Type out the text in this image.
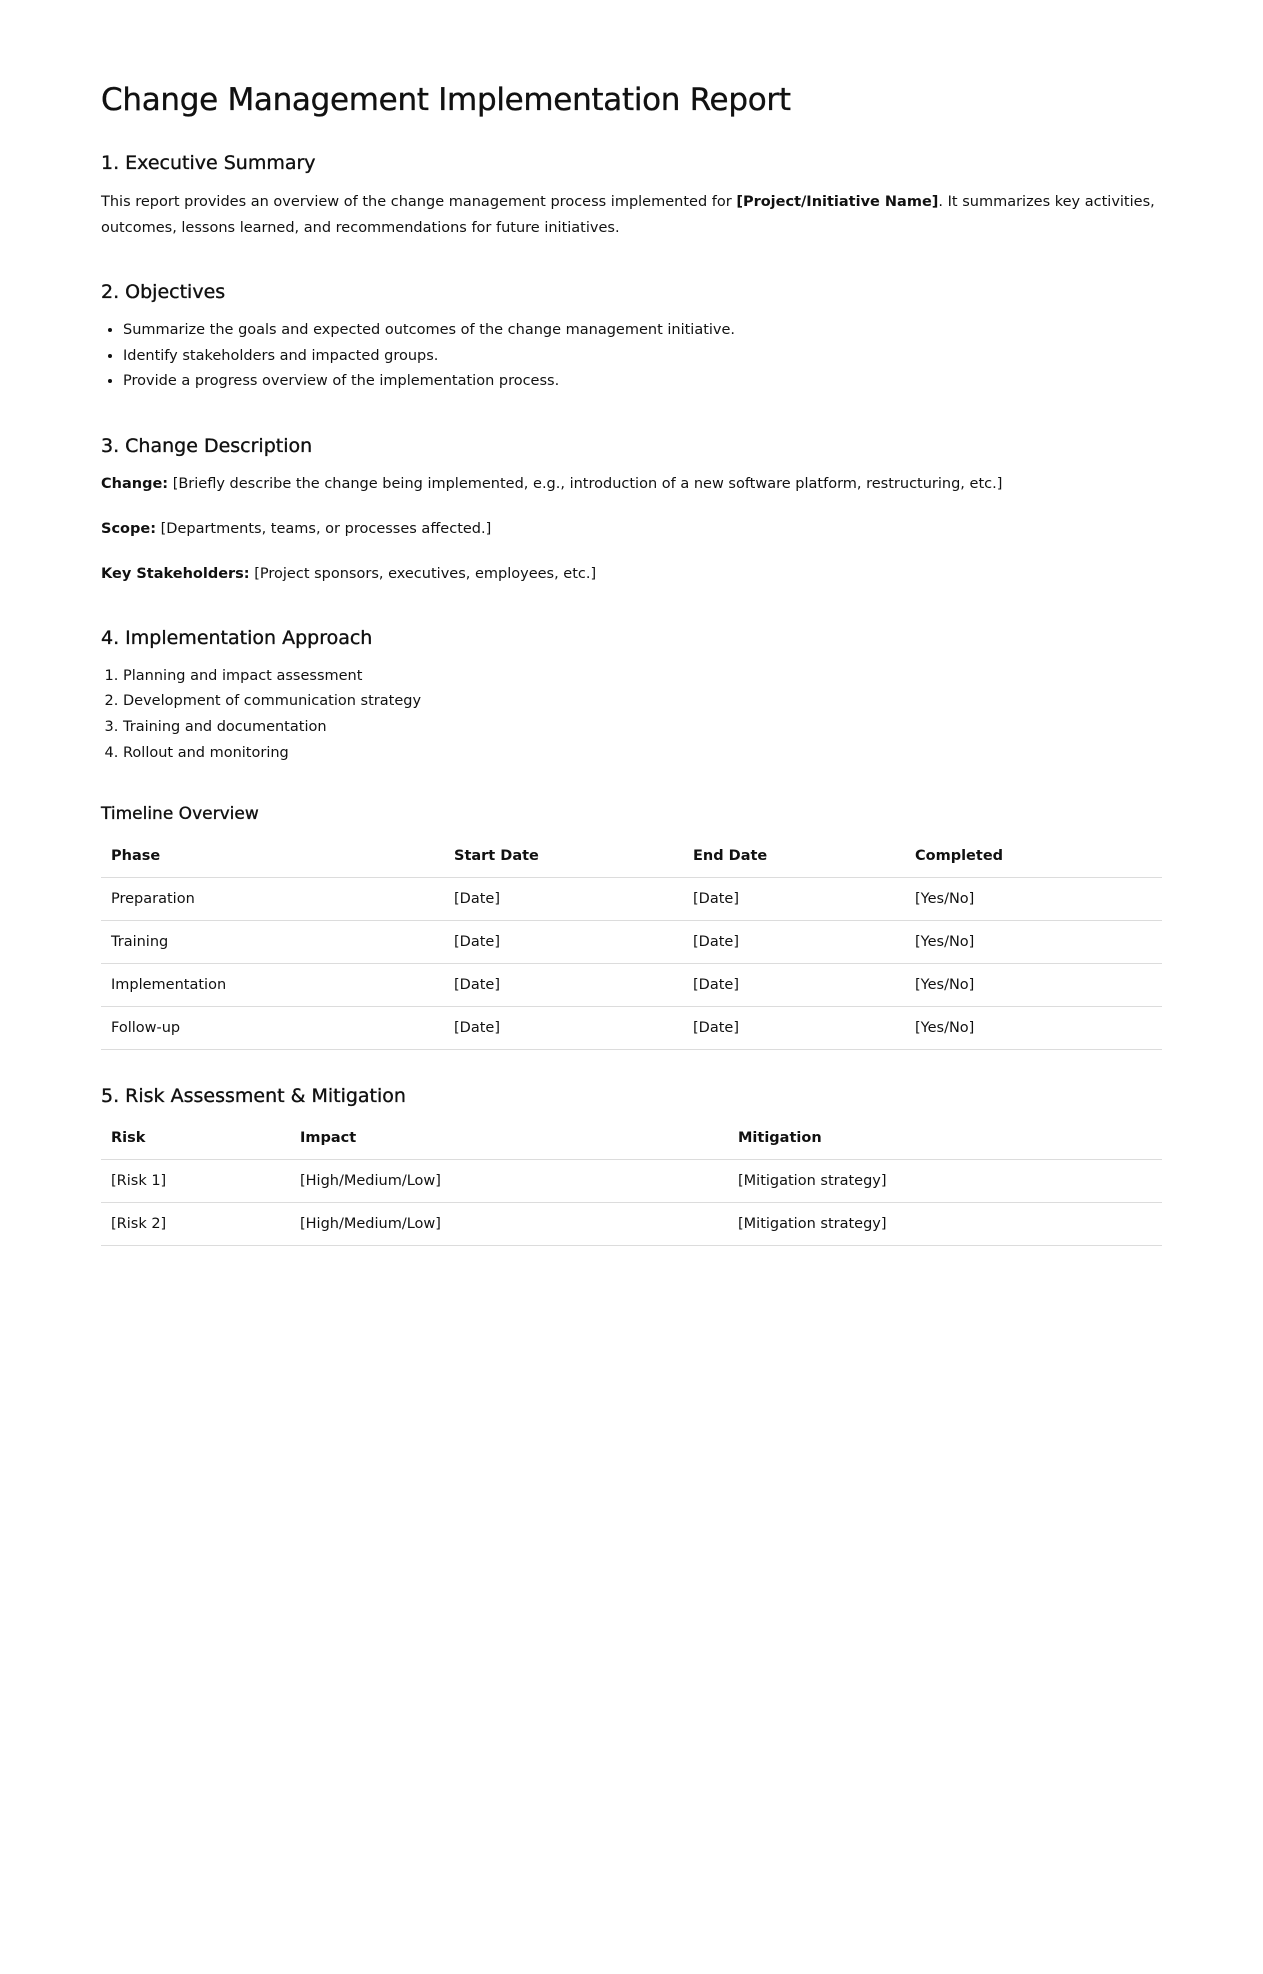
Change Management Implementation Report
1. Executive Summary

This report provides an overview of the change management process implemented for [Project/Initiative Name]. It summarizes key activities, outcomes, lessons learned, and recommendations for future initiatives.

2. Objectives
• Summarize the goals and expected outcomes of the change management initiative.
• Identify stakeholders and impacted groups.
• Provide a progress overview of the implementation process.
3. Change Description

Change: [Briefly describe the change being implemented, e.g., introduction of a new software platform, restructuring, etc.]

Scope: [Departments, teams, or processes affected.]

Key Stakeholders: [Project sponsors, executives, employees, etc.]

4. Implementation Approach
1. Planning and impact assessment
2. Development of communication strategy
3. Training and documentation
4. Rollout and monitoring
Timeline Overview
Phase	Start Date	End Date	Completed
Preparation	[Date]	[Date]	[Yes/No]
Training	[Date]	[Date]	[Yes/No]
Implementation	[Date]	[Date]	[Yes/No]
Follow-up	[Date]	[Date]	[Yes/No]
5. Risk Assessment & Mitigation
Risk	Impact	Mitigation
[Risk 1]	[High/Medium/Low]	[Mitigation strategy]
[Risk 2]	[High/Medium/Low]	[Mitigation strategy]
